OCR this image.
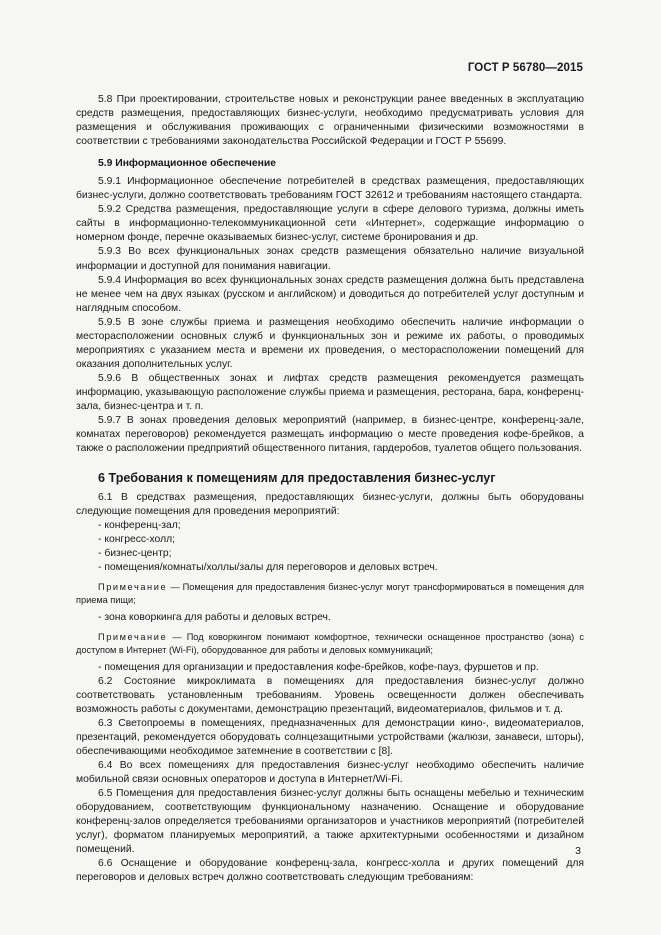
ГОСТ Р 56780—2015

5.8 При проектировании, строительстве новых и реконструкции ранее введенных в эксплуатацию средств размещения, предоставляющих бизнес-услуги, необходимо предусматривать условия для размещения и обслуживания проживающих с ограниченными физическими возможностями в соответствии с требованиями законодательства Российской Федерации и ГОСТ Р 55699.

5.9 Информационное обеспечение

5.9.1 Информационное обеспечение потребителей в средствах размещения, предоставляющих бизнес-услуги, должно соответствовать требованиям ГОСТ 32612 и требованиям настоящего стандарта.

5.9.2 Средства размещения, предоставляющие услуги в сфере делового туризма, должны иметь сайты в информационно-телекоммуникационной сети «Интернет», содержащие информацию о номерном фонде, перечне оказываемых бизнес-услуг, системе бронирования и др.

5.9.3 Во всех функциональных зонах средств размещения обязательно наличие визуальной информации и доступной для понимания навигации.

5.9.4 Информация во всех функциональных зонах средств размещения должна быть представлена не менее чем на двух языках (русском и английском) и доводиться до потребителей услуг доступным и наглядным способом.

5.9.5 В зоне службы приема и размещения необходимо обеспечить наличие информации о месторасположении основных служб и функциональных зон и режиме их работы, о проводимых мероприятиях с указанием места и времени их проведения, о месторасположении помещений для оказания дополнительных услуг.

5.9.6 В общественных зонах и лифтах средств размещения рекомендуется размещать информацию, указывающую расположение службы приема и размещения, ресторана, бара, конференц-зала, бизнес-центра и т. п.

5.9.7 В зонах проведения деловых мероприятий (например, в бизнес-центре, конференц-зале, комнатах переговоров) рекомендуется размещать информацию о месте проведения кофе-брейков, а также о расположении предприятий общественного питания, гардеробов, туалетов общего пользования.

6 Требования к помещениям для предоставления бизнес-услуг

6.1 В средствах размещения, предоставляющих бизнес-услуги, должны быть оборудованы следующие помещения для проведения мероприятий:

- конференц-зал;

- конгресс-холл;

- бизнес-центр;

- помещения/комнаты/холлы/залы для переговоров и деловых встреч.

Примечание — Помещения для предоставления бизнес-услуг могут трансформироваться в помещения для приема пищи;

- зона коворкинга для работы и деловых встреч.

Примечание — Под коворкингом понимают комфортное, технически оснащенное пространство (зона) с доступом в Интернет (Wi-Fi), оборудованное для работы и деловых коммуникаций;

- помещения для организации и предоставления кофе-брейков, кофе-пауз, фуршетов и пр.

6.2 Состояние микроклимата в помещениях для предоставления бизнес-услуг должно соответствовать установленным требованиям. Уровень освещенности должен обеспечивать возможность работы с документами, демонстрацию презентаций, видеоматериалов, фильмов и т. д.

6.3 Светопроемы в помещениях, предназначенных для демонстрации кино-, видеоматериалов, презентаций, рекомендуется оборудовать солнцезащитными устройствами (жалюзи, занавеси, шторы), обеспечивающими необходимое затемнение в соответствии с [8].

6.4 Во всех помещениях для предоставления бизнес-услуг необходимо обеспечить наличие мобильной связи основных операторов и доступа в Интернет/Wi-Fi.

6.5 Помещения для предоставления бизнес-услуг должны быть оснащены мебелью и техническим оборудованием, соответствующим функциональному назначению. Оснащение и оборудование конференц-залов определяется требованиями организаторов и участников мероприятий (потребителей услуг), форматом планируемых мероприятий, а также архитектурными особенностями и дизайном помещений.

6.6 Оснащение и оборудование конференц-зала, конгресс-холла и других помещений для переговоров и деловых встреч должно соответствовать следующим требованиям:

3
